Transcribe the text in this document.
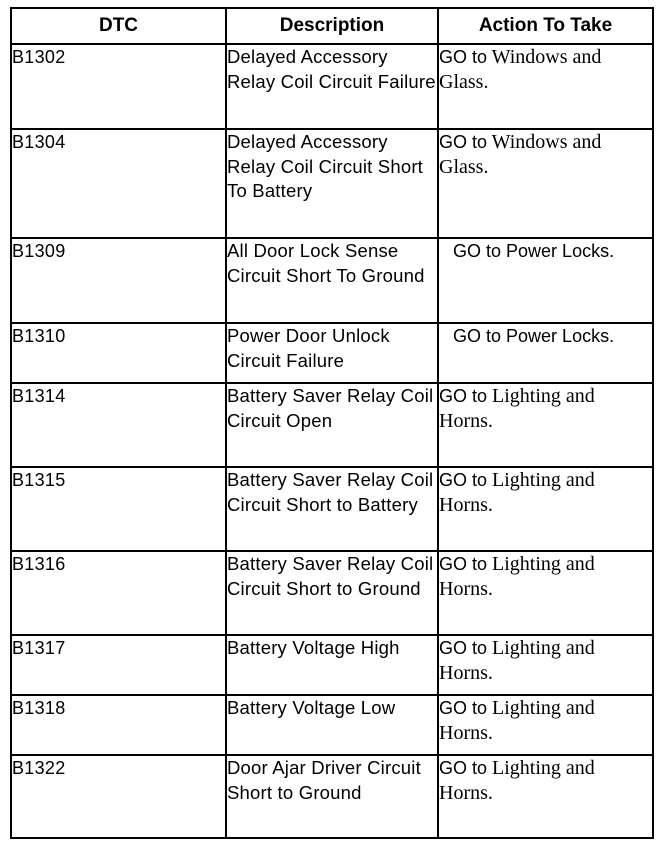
DTC	Description	Action To Take
B1302	Delayed Accessory Relay Coil Circuit Failure	GO to Windows and Glass.
B1304	Delayed Accessory Relay Coil Circuit Short To Battery	GO to Windows and Glass.
B1309	All Door Lock Sense Circuit Short To Ground	GO to Power Locks.
B1310	Power Door Unlock Circuit Failure	GO to Power Locks.
B1314	Battery Saver Relay Coil Circuit Open	GO to Lighting and Horns.
B1315	Battery Saver Relay Coil Circuit Short to Battery	GO to Lighting and Horns.
B1316	Battery Saver Relay Coil Circuit Short to Ground	GO to Lighting and Horns.
B1317	Battery Voltage High	GO to Lighting and Horns.
B1318	Battery Voltage Low	GO to Lighting and Horns.
B1322	Door Ajar Driver Circuit Short to Ground	GO to Lighting and Horns.
